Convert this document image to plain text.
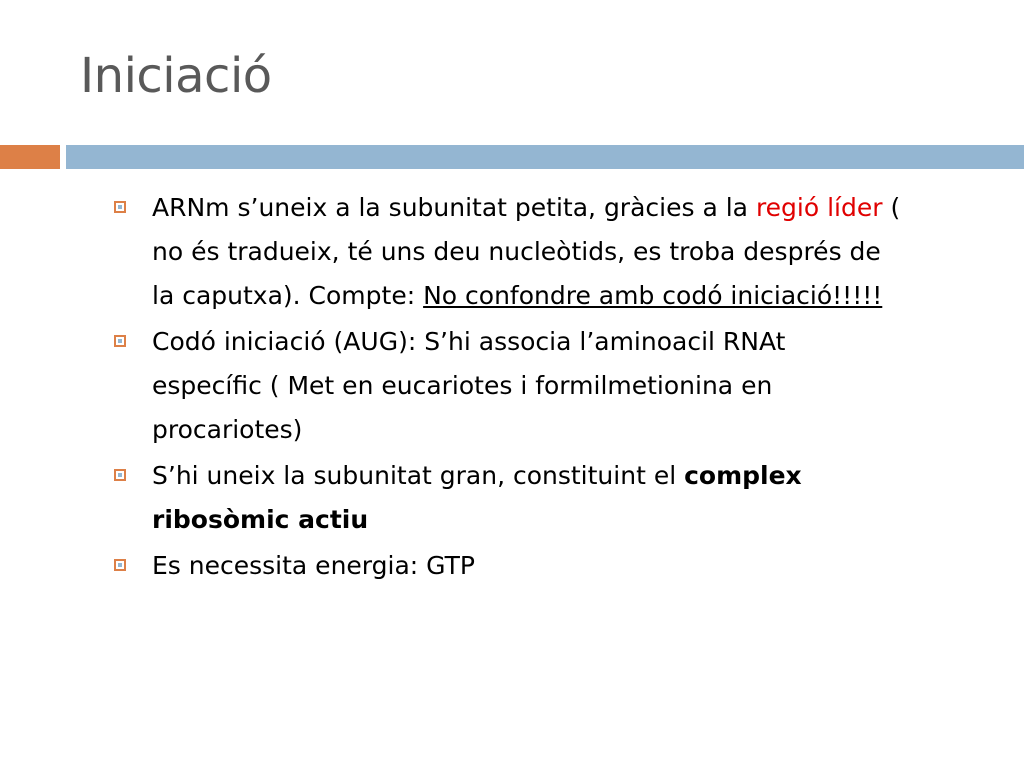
Iniciació
ARNm s’uneix a la subunitat petita, gràcies a la regió líder ( no és tradueix, té uns deu nucleòtids, es troba després de la caputxa). Compte: No confondre amb codó iniciació!!!!!
Codó iniciació (AUG): S’hi associa l’aminoacil RNAt específic ( Met en eucariotes i formilmetionina en procariotes)
S’hi uneix la subunitat gran, constituint el complex ribosòmic actiu
Es necessita energia: GTP
